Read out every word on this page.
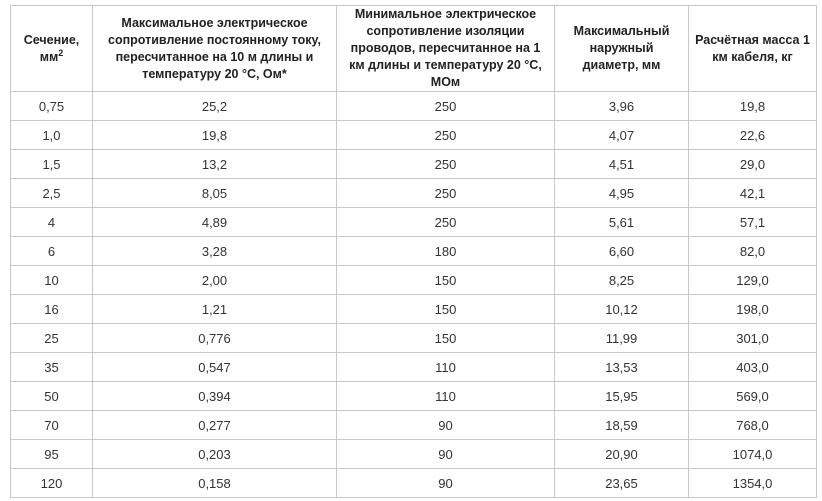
Сечение, $мм^2$	Максимальное электрическое сопротивление постоянному току, пересчитанное на 10 м длины и температуру 20 °С, Ом*	Минимальное электрическое сопротивление изоляции проводов, пересчитанное на 1 км длины и температуру 20 °С, МОм	Максимальный наружный диаметр, мм	Расчётная масса 1 км кабеля, кг
0,75	25,2	250	3,96	19,8
1,0	19,8	250	4,07	22,6
1,5	13,2	250	4,51	29,0
2,5	8,05	250	4,95	42,1
4	4,89	250	5,61	57,1
6	3,28	180	6,60	82,0
10	2,00	150	8,25	129,0
16	1,21	150	10,12	198,0
25	0,776	150	11,99	301,0
35	0,547	110	13,53	403,0
50	0,394	110	15,95	569,0
70	0,277	90	18,59	768,0
95	0,203	90	20,90	1074,0
120	0,158	90	23,65	1354,0
